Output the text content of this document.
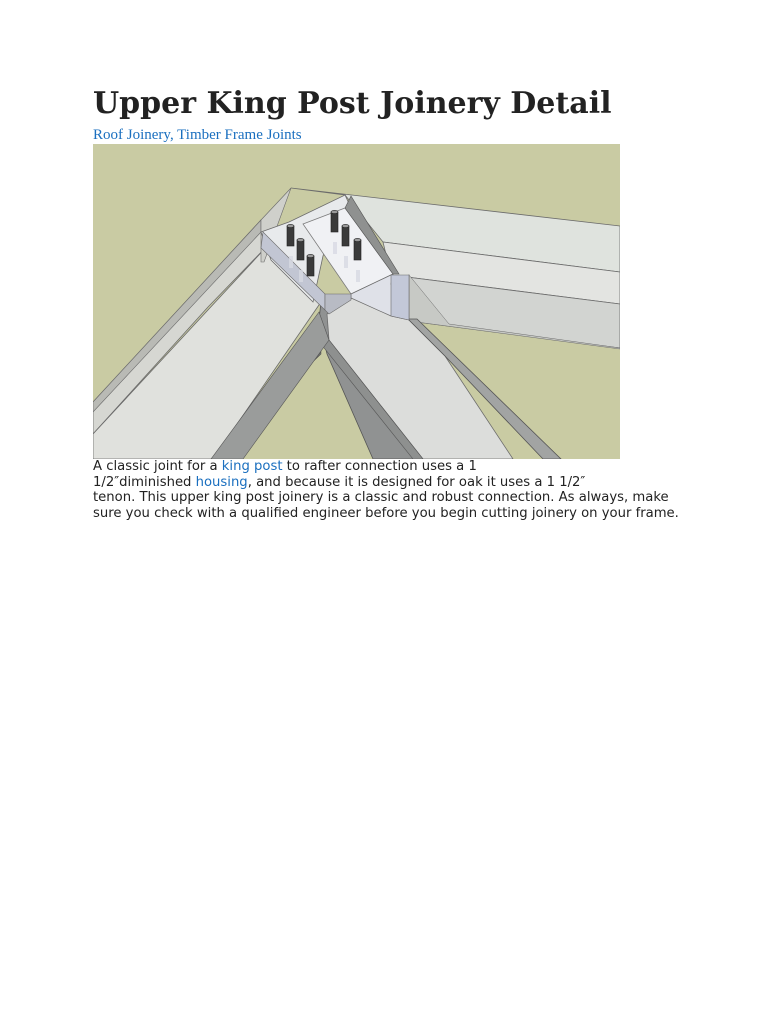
Upper King Post Joinery Detail
Roof Joinery, Timber Frame Joints

A classic joint for a king post to rafter connection uses a 1
1/2″diminished housing, and because it is designed for oak it uses a 1 1/2″
tenon. This upper king post joinery is a classic and robust connection. As always, make sure you check with a qualified engineer before you begin cutting joinery on your frame.
